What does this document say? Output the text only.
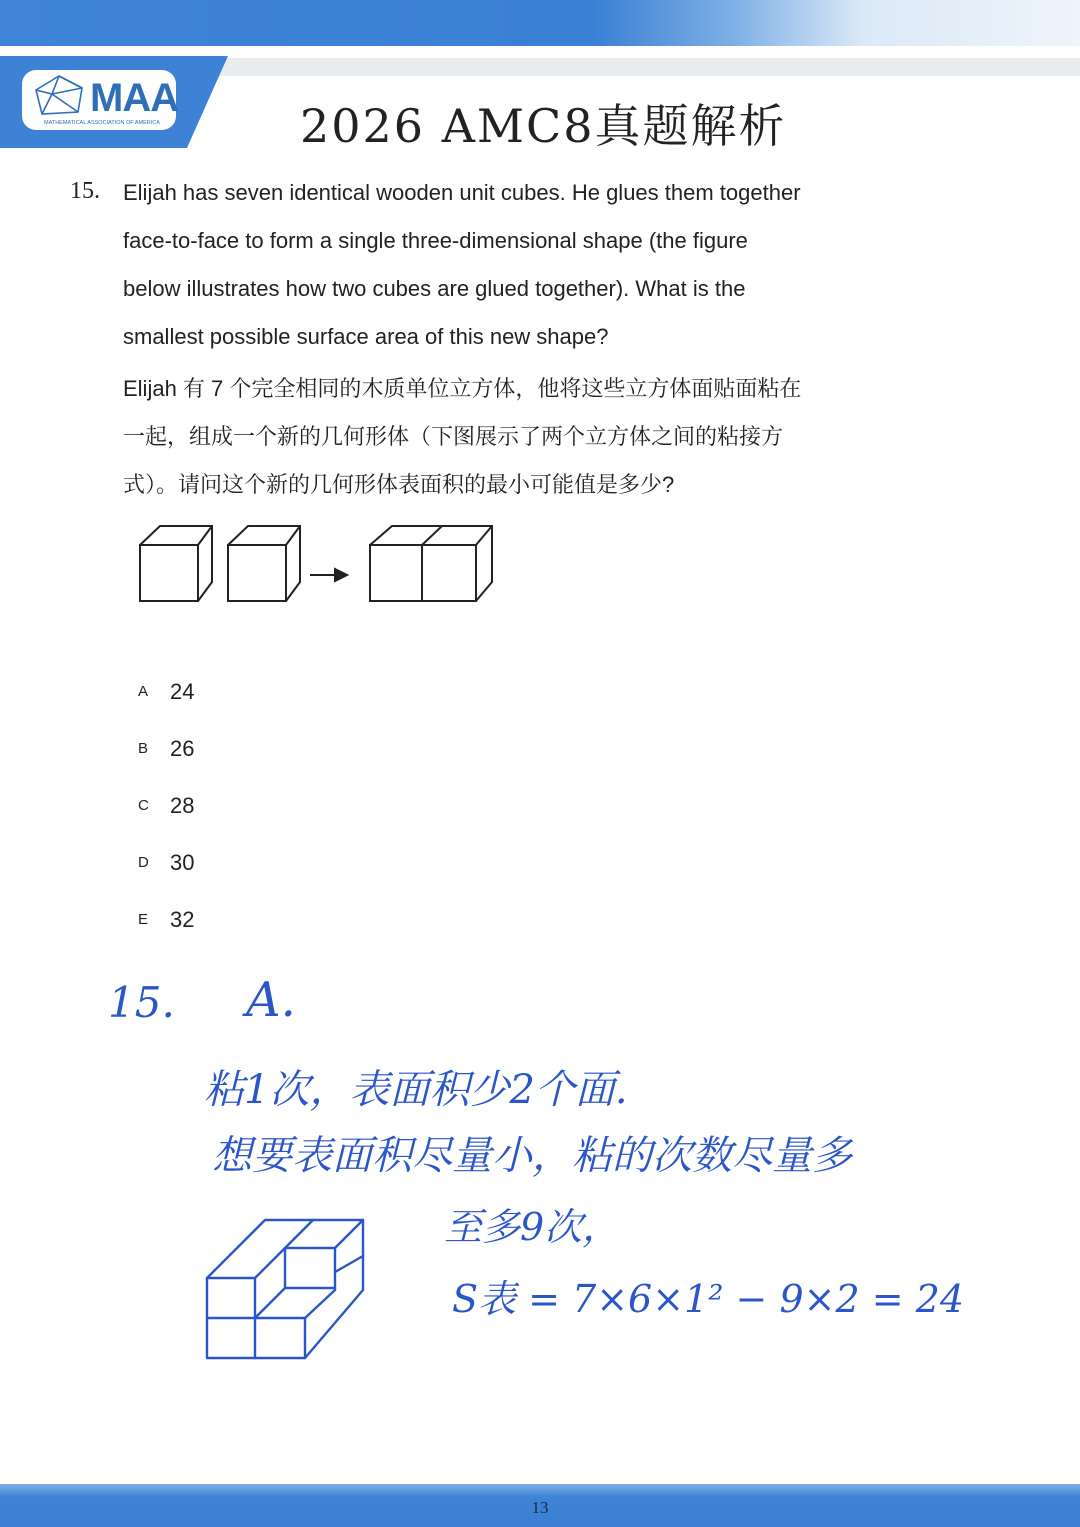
MAA
MATHEMATICAL ASSOCIATION OF AMERICA	2026 AMC8真题解析
15. Elijah has seven identical wooden unit cubes. He glues them together
face-to-face to form a single three-dimensional shape (the figure
below illustrates how two cubes are glued together). What is the
smallest possible surface area of this new shape?
Elijah 有 7 个完全相同的木质单位立方体，他将这些立方体面贴面粘在
一起，组成一个新的几何形体（下图展示了两个立方体之间的粘接方
式）。请问这个新的几何形体表面积的最小可能值是多少?
A 24
B 26
C 28
D 30
E 32
15. A.
粘1次，表面积少2个面.
想要表面积尽量小，粘的次数尽量多
至多9次，
S表 = 7×6×1² − 9×2 = 24
13
